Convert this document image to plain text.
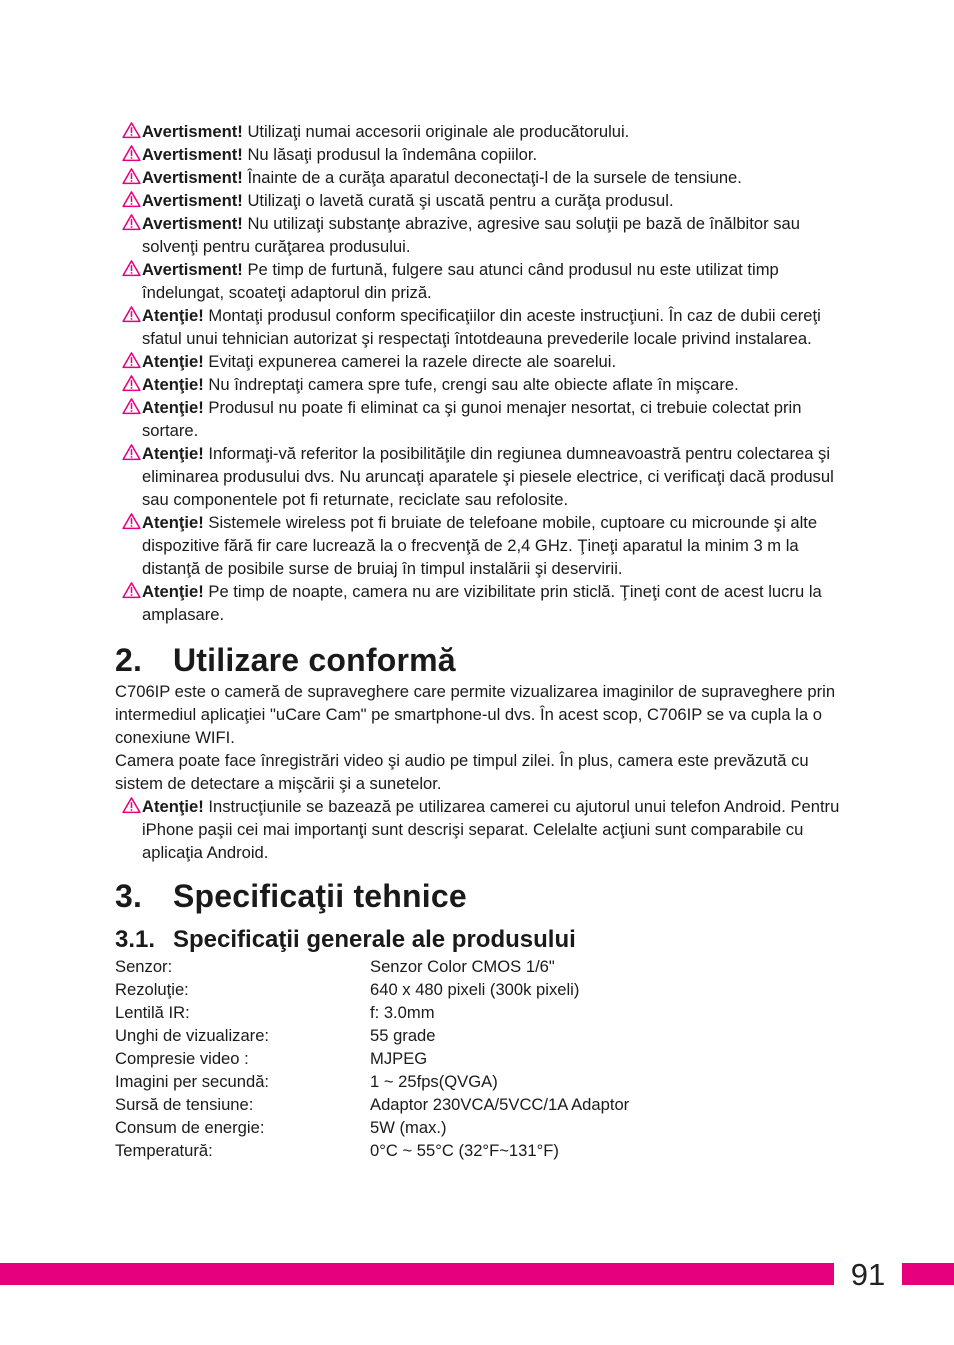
Avertisment! Utilizaţi numai accesorii originale ale producătorului.

Avertisment! Nu lăsaţi produsul la îndemâna copiilor.

Avertisment! Înainte de a curăţa aparatul deconectaţi-l de la sursele de tensiune.

Avertisment! Utilizaţi o lavetă curată şi uscată pentru a curăţa produsul.

Avertisment! Nu utilizaţi substanţe abrazive, agresive sau soluţii pe bază de înălbitor sau solvenţi pentru curăţarea produsului.

Avertisment! Pe timp de furtună, fulgere sau atunci când produsul nu este utilizat timp îndelungat, scoateţi adaptorul din priză.

Atenţie! Montaţi produsul conform specificaţiilor din aceste instrucţiuni. În caz de dubii cereţi sfatul unui tehnician autorizat şi respectaţi întotdeauna prevederile locale privind instalarea.

Atenţie! Evitaţi expunerea camerei la razele directe ale soarelui.

Atenţie! Nu îndreptaţi camera spre tufe, crengi sau alte obiecte aflate în mişcare.

Atenţie! Produsul nu poate fi eliminat ca şi gunoi menajer nesortat, ci trebuie colectat prin sortare.

Atenţie! Informaţi-vă referitor la posibilităţile din regiunea dumneavoastră pentru colectarea şi eliminarea produsului dvs. Nu aruncaţi aparatele şi piesele electrice, ci verificaţi dacă produsul sau componentele pot fi returnate, reciclate sau refolosite.

Atenţie! Sistemele wireless pot fi bruiate de telefoane mobile, cuptoare cu microunde şi alte dispozitive fără fir care lucrează la o frecvenţă de 2,4 GHz. Ţineţi aparatul la minim 3 m la distanţă de posibile surse de bruiaj în timpul instalării şi deservirii.

Atenţie! Pe timp de noapte, camera nu are vizibilitate prin sticlă. Ţineţi cont de acest lucru la amplasare.

2. Utilizare conformă

C706IP este o cameră de supraveghere care permite vizualizarea imaginilor de supraveghere prin intermediul aplicaţiei "uCare Cam" pe smartphone-ul dvs. În acest scop, C706IP se va cupla la o conexiune WIFI.

Camera poate face înregistrări video şi audio pe timpul zilei. În plus, camera este prevăzută cu sistem de detectare a mişcării şi a sunetelor.

Atenţie! Instrucţiunile se bazează pe utilizarea camerei cu ajutorul unui telefon Android. Pentru iPhone paşii cei mai importanţi sunt descrişi separat. Celelalte acţiuni sunt comparabile cu aplicaţia Android.

3. Specificaţii tehnice
3.1. Specificaţii generale ale produsului
Senzor:	Senzor Color CMOS 1/6"
Rezoluţie:	640 x 480 pixeli (300k pixeli)
Lentilă IR:	f: 3.0mm
Unghi de vizualizare:	55 grade
Compresie video :	MJPEG
Imagini per secundă:	1 ~ 25fps(QVGA)
Sursă de tensiune:	Adaptor 230VCA/5VCC/1A Adaptor
Consum de energie:	5W (max.)
Temperatură:	0°C ~ 55°C (32°F~131°F)
91
